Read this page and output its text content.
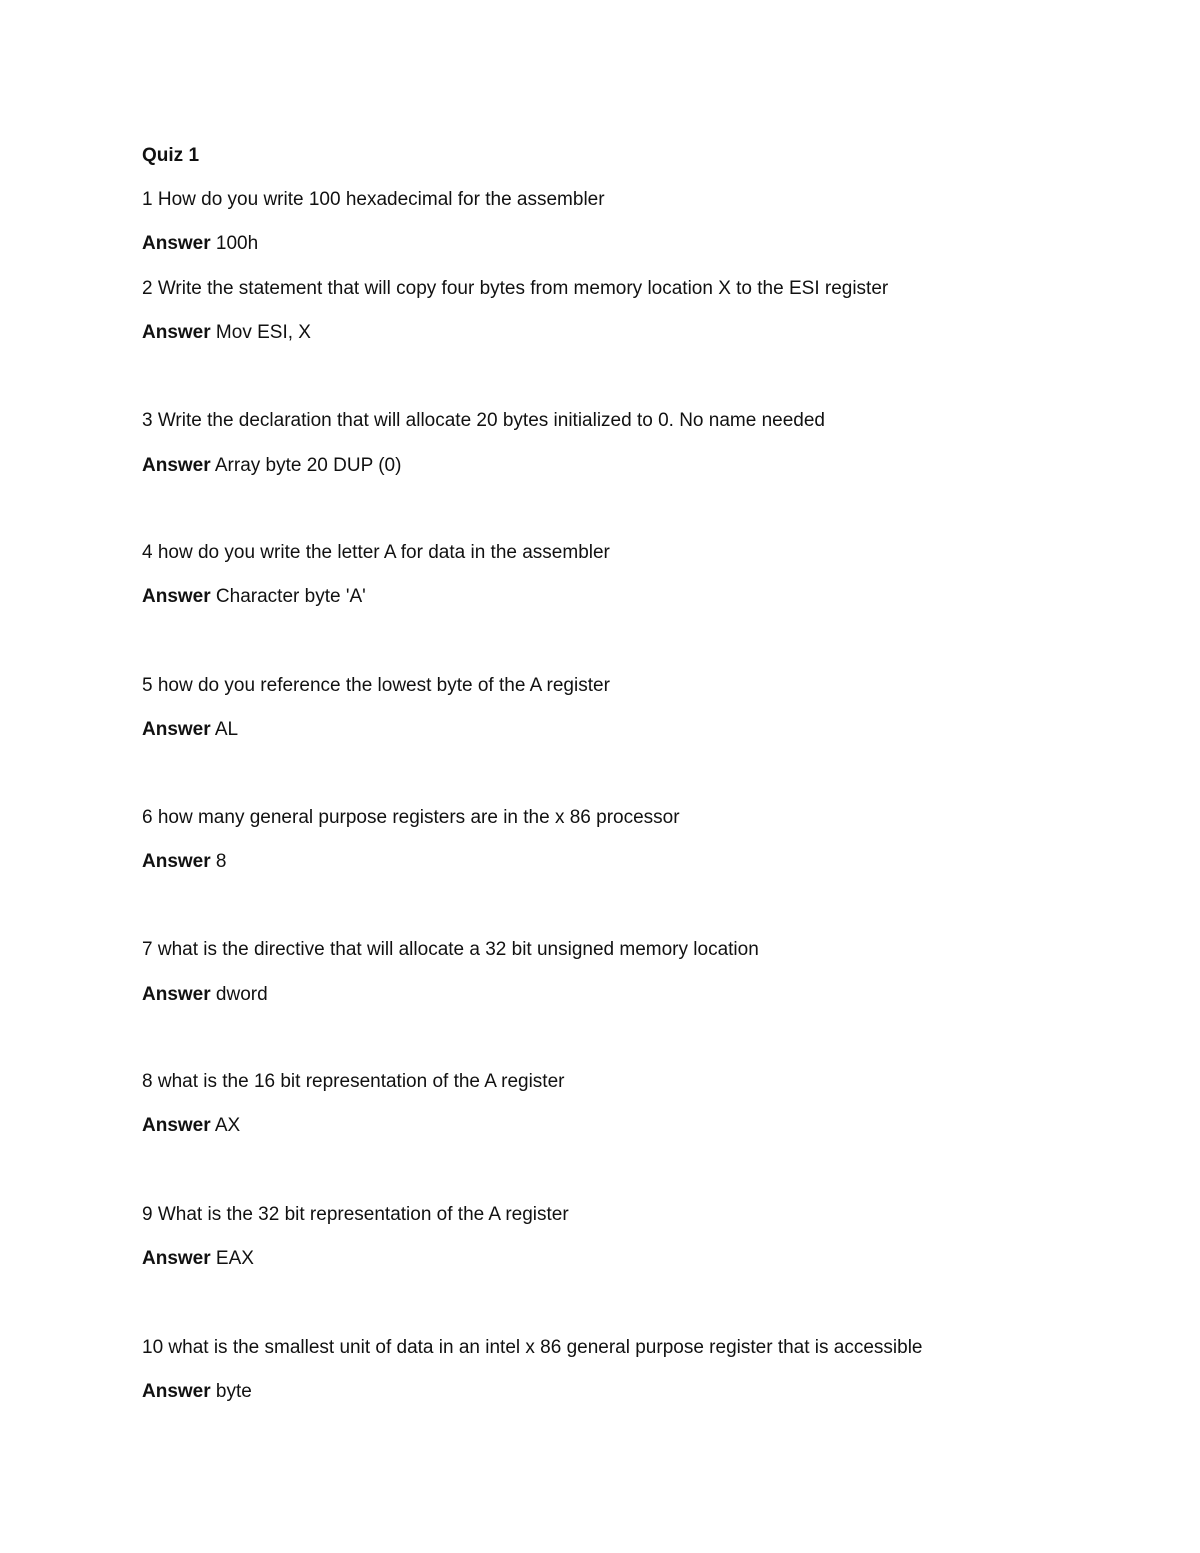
Quiz 1
1 How do you write 100 hexadecimal for the assembler
Answer 100h
2 Write the statement that will copy four bytes from memory location X to the ESI register
Answer Mov ESI, X
3 Write the declaration that will allocate 20 bytes initialized to 0. No name needed
Answer Array byte 20 DUP (0)
4 how do you write the letter A for data in the assembler
Answer Character byte 'A'
5 how do you reference the lowest byte of the A register
Answer AL
6 how many general purpose registers are in the x 86 processor
Answer 8
7 what is the directive that will allocate a 32 bit unsigned memory location
Answer dword
8 what is the 16 bit representation of the A register
Answer AX
9 What is the 32 bit representation of the A register
Answer EAX
10 what is the smallest unit of data in an intel x 86 general purpose register that is accessible
Answer byte
